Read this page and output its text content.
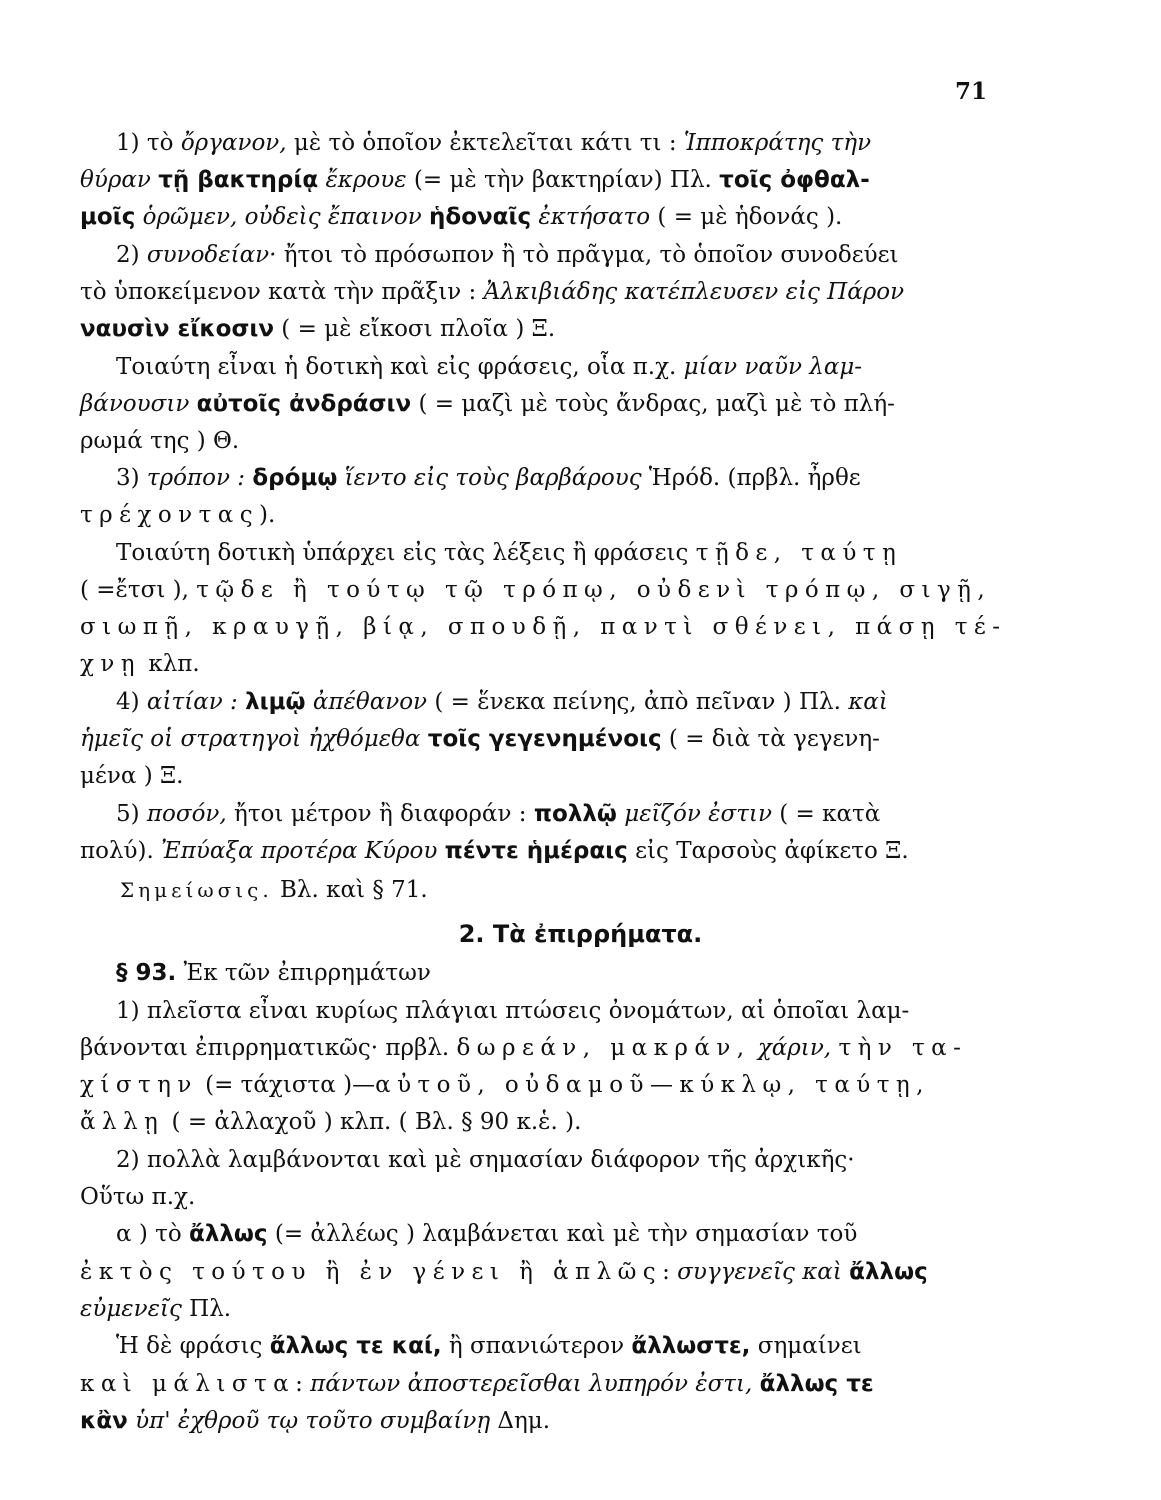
71
1) τὸ ὄργανον, μὲ τὸ ὁποῖον ἐκτελεῖται κάτι τι : Ἱπποκράτης τὴν
θύραν τῇ βακτηρίᾳ ἔκρουε (= μὲ τὴν βακτηρίαν) Πλ. τοῖς ὀφθαλ-
μοῖς ὁρῶμεν, οὐδεὶς ἔπαινον ἡδοναῖς ἐκτήσατο ( = μὲ ἡδονάς ).
2) συνοδείαν· ἤτοι τὸ πρόσωπον ἢ τὸ πρᾶγμα, τὸ ὁποῖον συνοδεύει
τὸ ὑποκείμενον κατὰ τὴν πρᾶξιν : Ἀλκιβιάδης κατέπλευσεν εἰς Πάρον
ναυσὶν εἴκοσιν ( = μὲ εἴκοσι πλοῖα ) Ξ.
Τοιαύτη εἶναι ἡ δοτικὴ καὶ εἰς φράσεις, οἷα π.χ. μίαν ναῦν λαμ-
βάνουσιν αὐτοῖς ἀνδράσιν ( = μαζὶ μὲ τοὺς ἄνδρας, μαζὶ μὲ τὸ πλή-
ρωμά της ) Θ.
3) τρόπον : δρόμῳ ἵεντο εἰς τοὺς βαρβάρους Ἡρόδ. (πρβλ. ἦρθε
τρέχοντας).
Τοιαύτη δοτικὴ ὑπάρχει εἰς τὰς λέξεις ἢ φράσεις τῇδε, ταύτῃ
( =ἔτσι ), τῷδε ἢ τούτῳ τῷ τρόπῳ, οὐδενὶ τρόπῳ, σιγῇ,
σιωπῇ, κραυγῇ, βίᾳ, σπουδῇ, παντὶ σθένει, πάσῃ τέ-
χνῃ κλπ.
4) αἰτίαν : λιμῷ ἀπέθανον ( = ἕνεκα πείνης, ἀπὸ πεῖναν ) Πλ. καὶ
ἡμεῖς οἱ στρατηγοὶ ἠχθόμεθα τοῖς γεγενημένοις ( = διὰ τὰ γεγενη-
μένα ) Ξ.
5) ποσόν, ἤτοι μέτρον ἢ διαφοράν : πολλῷ μεῖζόν ἐστιν ( = κατὰ
πολύ). Ἐπύαξα προτέρα Κύρου πέντε ἡμέραις εἰς Ταρσοὺς ἀφίκετο Ξ.
Σημείωσις. Βλ. καὶ § 71.
2. Τὰ ἐπιρρήματα.
§ 93. Ἐκ τῶν ἐπιρρημάτων
1) πλεῖστα εἶναι κυρίως πλάγιαι πτώσεις ὀνομάτων, αἱ ὁποῖαι λαμ-
βάνονται ἐπιρρηματικῶς· πρβλ. δωρεάν, μακράν, χάριν, τὴν τα-
χίστην (= τάχιστα )—αὐτοῦ, οὐδαμοῦ—κύκλῳ, ταύτῃ,
ἄλλῃ ( = ἀλλαχοῦ ) κλπ. ( Βλ. § 90 κ.ἑ. ).
2) πολλὰ λαμβάνονται καὶ μὲ σημασίαν διάφορον τῆς ἀρχικῆς·
Οὕτω π.χ.
α ) τὸ ἄλλως (= ἀλλέως ) λαμβάνεται καὶ μὲ τὴν σημασίαν τοῦ
ἐκτὸς τούτου ἢ ἐν γένει ἢ ἁπλῶς: συγγενεῖς καὶ ἄλλως
εὐμενεῖς Πλ.
Ἡ δὲ φράσις ἄλλως τε καί, ἢ σπανιώτερον ἄλλωστε, σημαίνει
καὶ μάλιστα: πάντων ἀποστερεῖσθαι λυπηρόν ἐστι, ἄλλως τε
κἂν ὑπ' ἐχθροῦ τῳ τοῦτο συμβαίνῃ Δημ.
